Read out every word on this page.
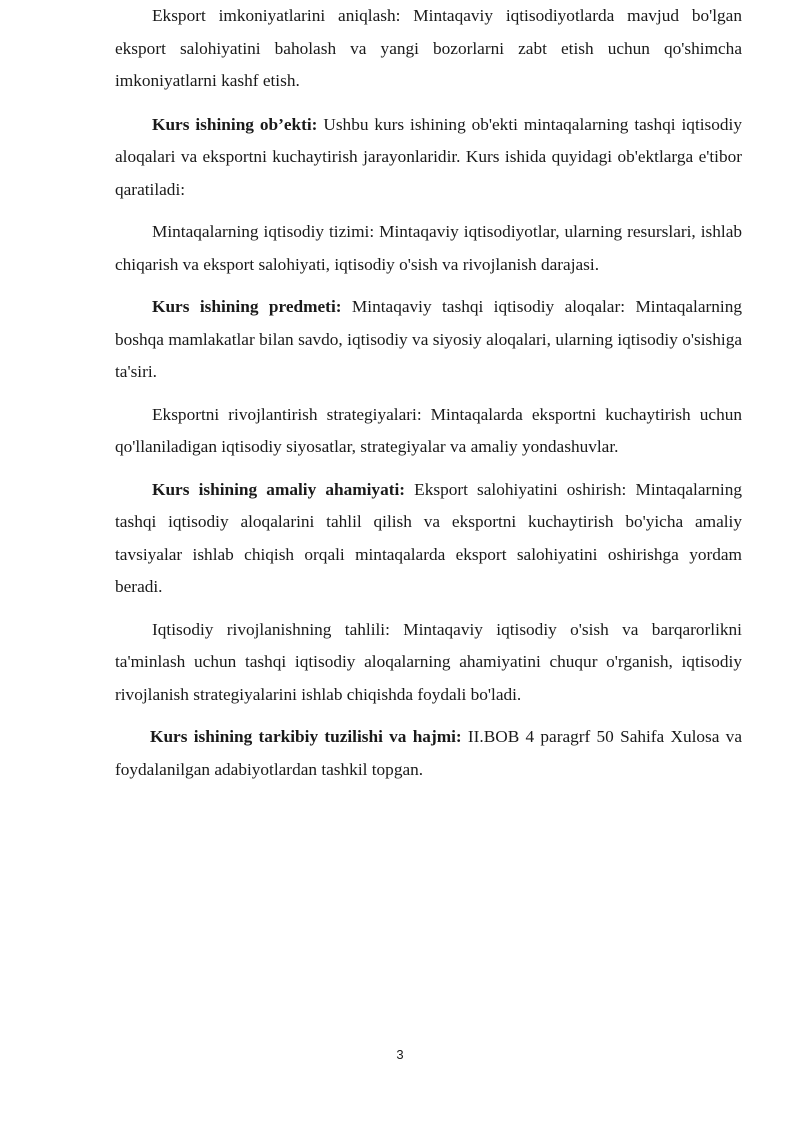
Eksport imkoniyatlarini aniqlash: Mintaqaviy iqtisodiyotlarda mavjud bo'lgan eksport salohiyatini baholash va yangi bozorlarni zabt etish uchun qo'shimcha imkoniyatlarni kashf etish.

Kurs ishining ob’ekti: Ushbu kurs ishining ob'ekti mintaqalarning tashqi iqtisodiy aloqalari va eksportni kuchaytirish jarayonlaridir. Kurs ishida quyidagi ob'ektlarga e'tibor qaratiladi:

Mintaqalarning iqtisodiy tizimi: Mintaqaviy iqtisodiyotlar, ularning resurslari, ishlab chiqarish va eksport salohiyati, iqtisodiy o'sish va rivojlanish darajasi.

Kurs ishining predmeti: Mintaqaviy tashqi iqtisodiy aloqalar: Mintaqalarning boshqa mamlakatlar bilan savdo, iqtisodiy va siyosiy aloqalari, ularning iqtisodiy o'sishiga ta'siri.

Eksportni rivojlantirish strategiyalari: Mintaqalarda eksportni kuchaytirish uchun qo'llaniladigan iqtisodiy siyosatlar, strategiyalar va amaliy yondashuvlar.

Kurs ishining amaliy ahamiyati: Eksport salohiyatini oshirish: Mintaqalarning tashqi iqtisodiy aloqalarini tahlil qilish va eksportni kuchaytirish bo'yicha amaliy tavsiyalar ishlab chiqish orqali mintaqalarda eksport salohiyatini oshirishga yordam beradi.

Iqtisodiy rivojlanishning tahlili: Mintaqaviy iqtisodiy o'sish va barqarorlikni ta'minlash uchun tashqi iqtisodiy aloqalarning ahamiyatini chuqur o'rganish, iqtisodiy rivojlanish strategiyalarini ishlab chiqishda foydali bo'ladi.

Kurs ishining tarkibiy tuzilishi va hajmi: II.BOB 4 paragrf 50 Sahifa Xulosa va foydalanilgan adabiyotlardan tashkil topgan.

3
